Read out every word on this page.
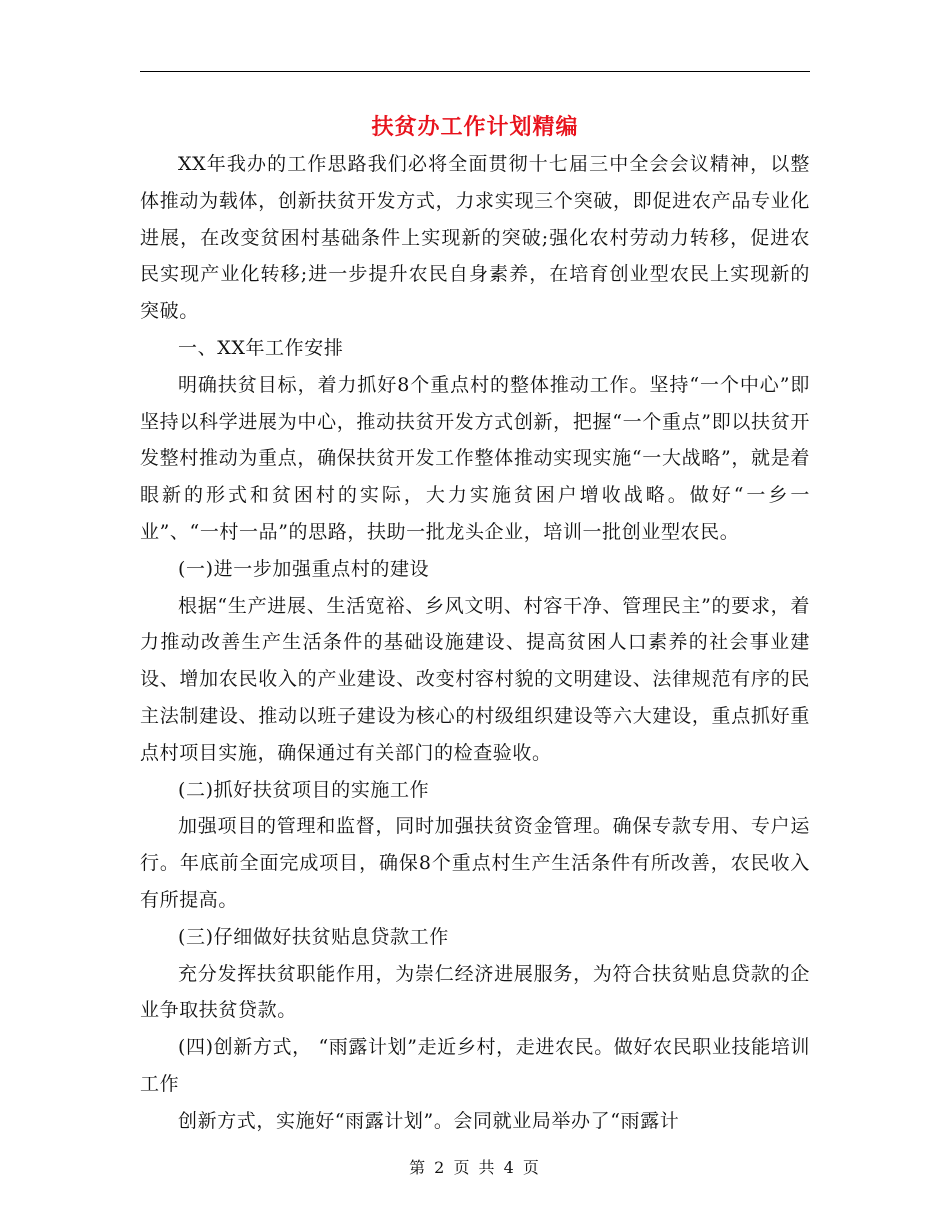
扶贫办工作计划精编

XX年我办的工作思路我们必将全面贯彻十七届三中全会会议精神，以整体推动为载体，创新扶贫开发方式，力求实现三个突破，即促进农产品专业化进展，在改变贫困村基础条件上实现新的突破;强化农村劳动力转移，促进农民实现产业化转移;进一步提升农民自身素养，在培育创业型农民上实现新的突破。

一、XX年工作安排

明确扶贫目标，着力抓好8个重点村的整体推动工作。坚持“一个中心”即坚持以科学进展为中心，推动扶贫开发方式创新，把握“一个重点”即以扶贫开发整村推动为重点，确保扶贫开发工作整体推动实现实施“一大战略”，就是着眼新的形式和贫困村的实际，大力实施贫困户增收战略。做好“一乡一业”、“一村一品”的思路，扶助一批龙头企业，培训一批创业型农民。

(一)进一步加强重点村的建设

根据“生产进展、生活宽裕、乡风文明、村容干净、管理民主”的要求，着力推动改善生产生活条件的基础设施建设、提高贫困人口素养的社会事业建设、增加农民收入的产业建设、改变村容村貌的文明建设、法律规范有序的民主法制建设、推动以班子建设为核心的村级组织建设等六大建设，重点抓好重点村项目实施，确保通过有关部门的检查验收。

(二)抓好扶贫项目的实施工作

加强项目的管理和监督，同时加强扶贫资金管理。确保专款专用、专户运行。年底前全面完成项目，确保8个重点村生产生活条件有所改善，农民收入有所提高。

(三)仔细做好扶贫贴息贷款工作

充分发挥扶贫职能作用，为崇仁经济进展服务，为符合扶贫贴息贷款的企业争取扶贫贷款。

(四)创新方式， “雨露计划”走近乡村，走进农民。做好农民职业技能培训工作

创新方式，实施好“雨露计划”。会同就业局举办了“雨露计

第 2 页 共 4 页
